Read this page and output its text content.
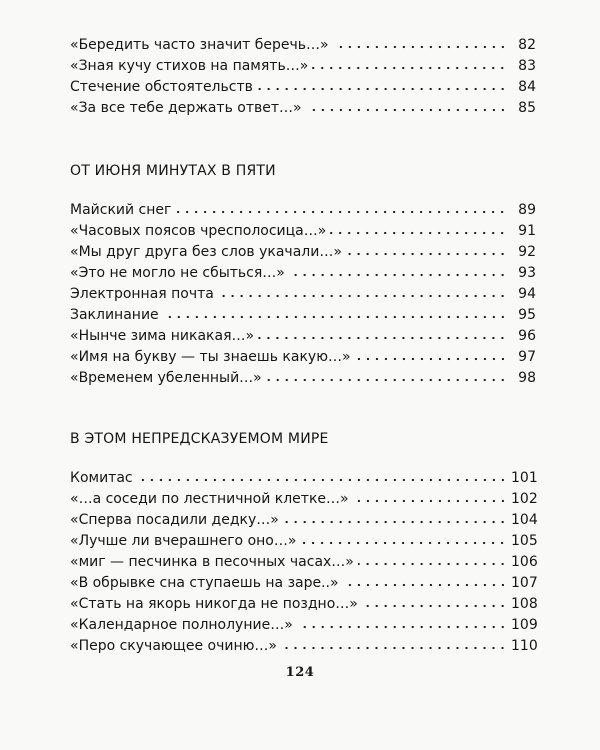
«Бередить часто значит беречь…»	82
«Зная кучу стихов на память…»	83
Стечение обстоятельств	84
«За все тебе держать ответ…»	85
ОТ ИЮНЯ МИНУТАХ В ПЯТИ
Майский снег	89
«Часовых поясов чресполосица…»	91
«Мы друг друга без слов укачали…»	92
«Это не могло не сбыться…»	93
Электронная почта	94
Заклинание	95
«Нынче зима никакая…»	96
«Имя на букву — ты знаешь какую…»	97
«Временем убеленный…»	98
В ЭТОМ НЕПРЕДСКАЗУЕМОМ МИРЕ
Комитас	101
«…а соседи по лестничной клетке…»	102
«Сперва посадили дедку…»	104
«Лучше ли вчерашнего оно…»	105
«миг — песчинка в песочных часах…»	106
«В обрывке сна ступаешь на заре..»	107
«Стать на якорь никогда не поздно…»	108
«Календарное полнолуние…»	109
«Перо скучающее очиню…»	110
124
